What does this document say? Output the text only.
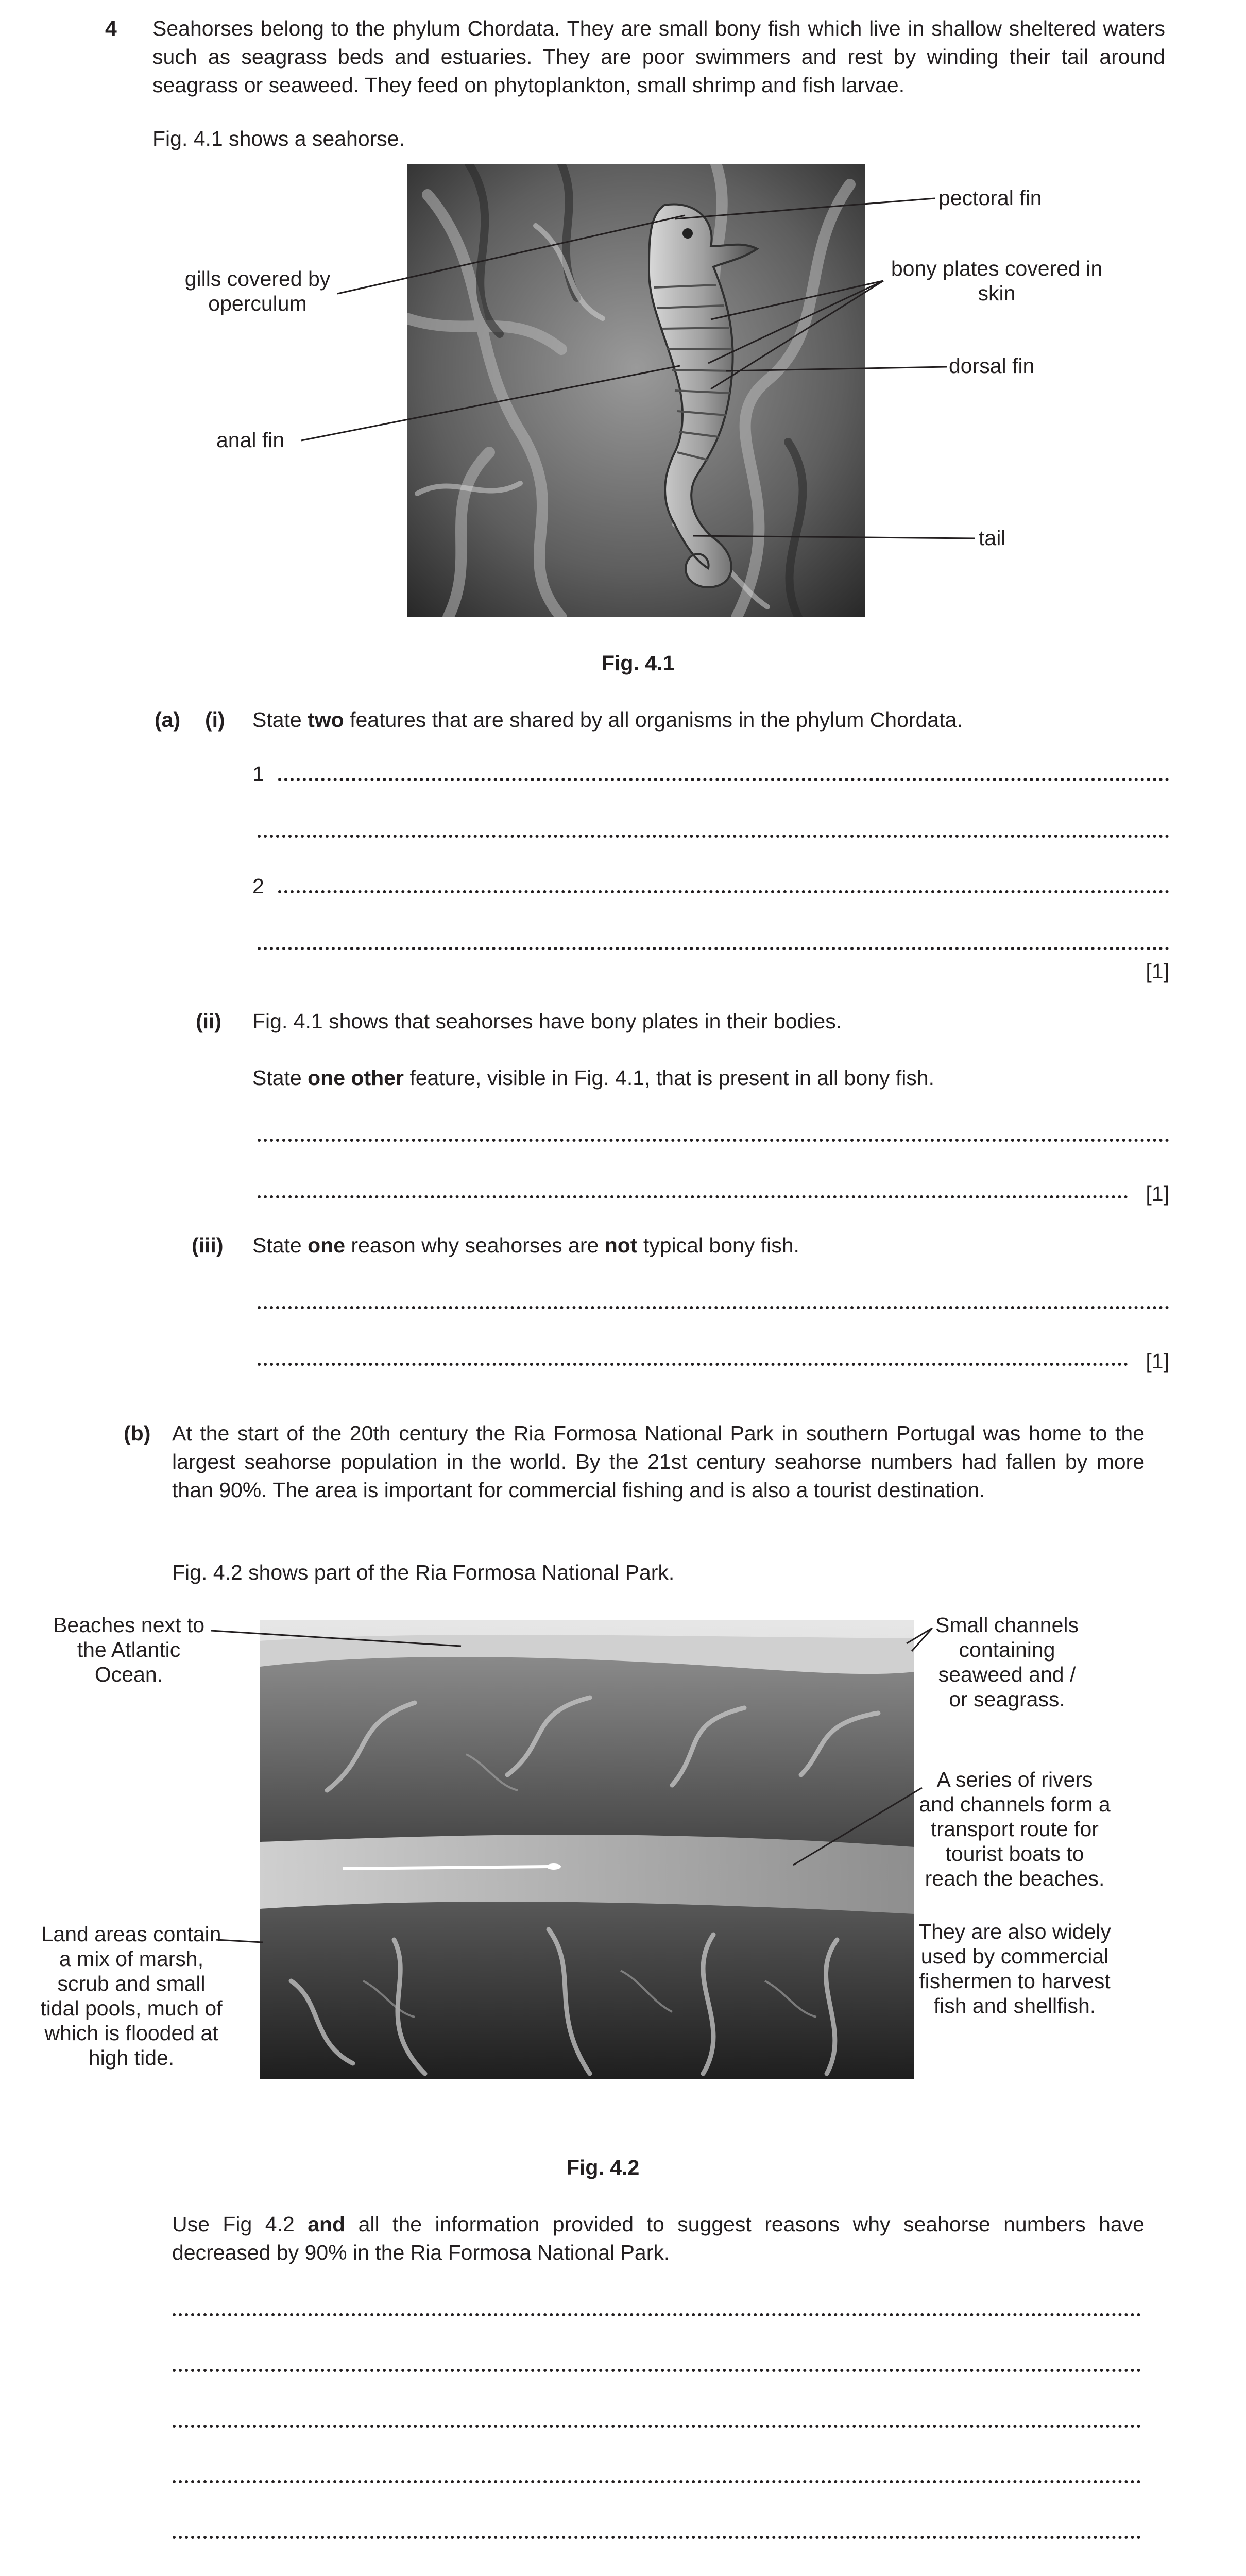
4 Seahorses belong to the phylum Chordata. They are small bony fish which live in shallow sheltered waters such as seagrass beds and estuaries. They are poor swimmers and rest by winding their tail around seagrass or seaweed. They feed on phytoplankton, small shrimp and fish larvae.
Fig. 4.1 shows a seahorse.
pectoral fin
gills covered by operculum
bony plates covered in skin
dorsal fin
anal fin
tail
Fig. 4.1
(a) (i) State two features that are shared by all organisms in the phylum Chordata.
1
2
[1]
(ii) Fig. 4.1 shows that seahorses have bony plates in their bodies.
State one other feature, visible in Fig. 4.1, that is present in all bony fish.
[1]
(iii) State one reason why seahorses are not typical bony fish.
[1]
(b) At the start of the 20th century the Ria Formosa National Park in southern Portugal was home to the largest seahorse population in the world. By the 21st century seahorse numbers had fallen by more than 90%. The area is important for commercial fishing and is also a tourist destination.
Fig. 4.2 shows part of the Ria Formosa National Park.
Beaches next to the Atlantic Ocean.
Small channels containing seaweed and / or seagrass.
A series of rivers and channels form a transport route for tourist boats to reach the beaches.
They are also widely used by commercial fishermen to harvest fish and shellfish.
Land areas contain a mix of marsh, scrub and small tidal pools, much of which is flooded at high tide.
Fig. 4.2
Use Fig 4.2 and all the information provided to suggest reasons why seahorse numbers have decreased by 90% in the Ria Formosa National Park.
